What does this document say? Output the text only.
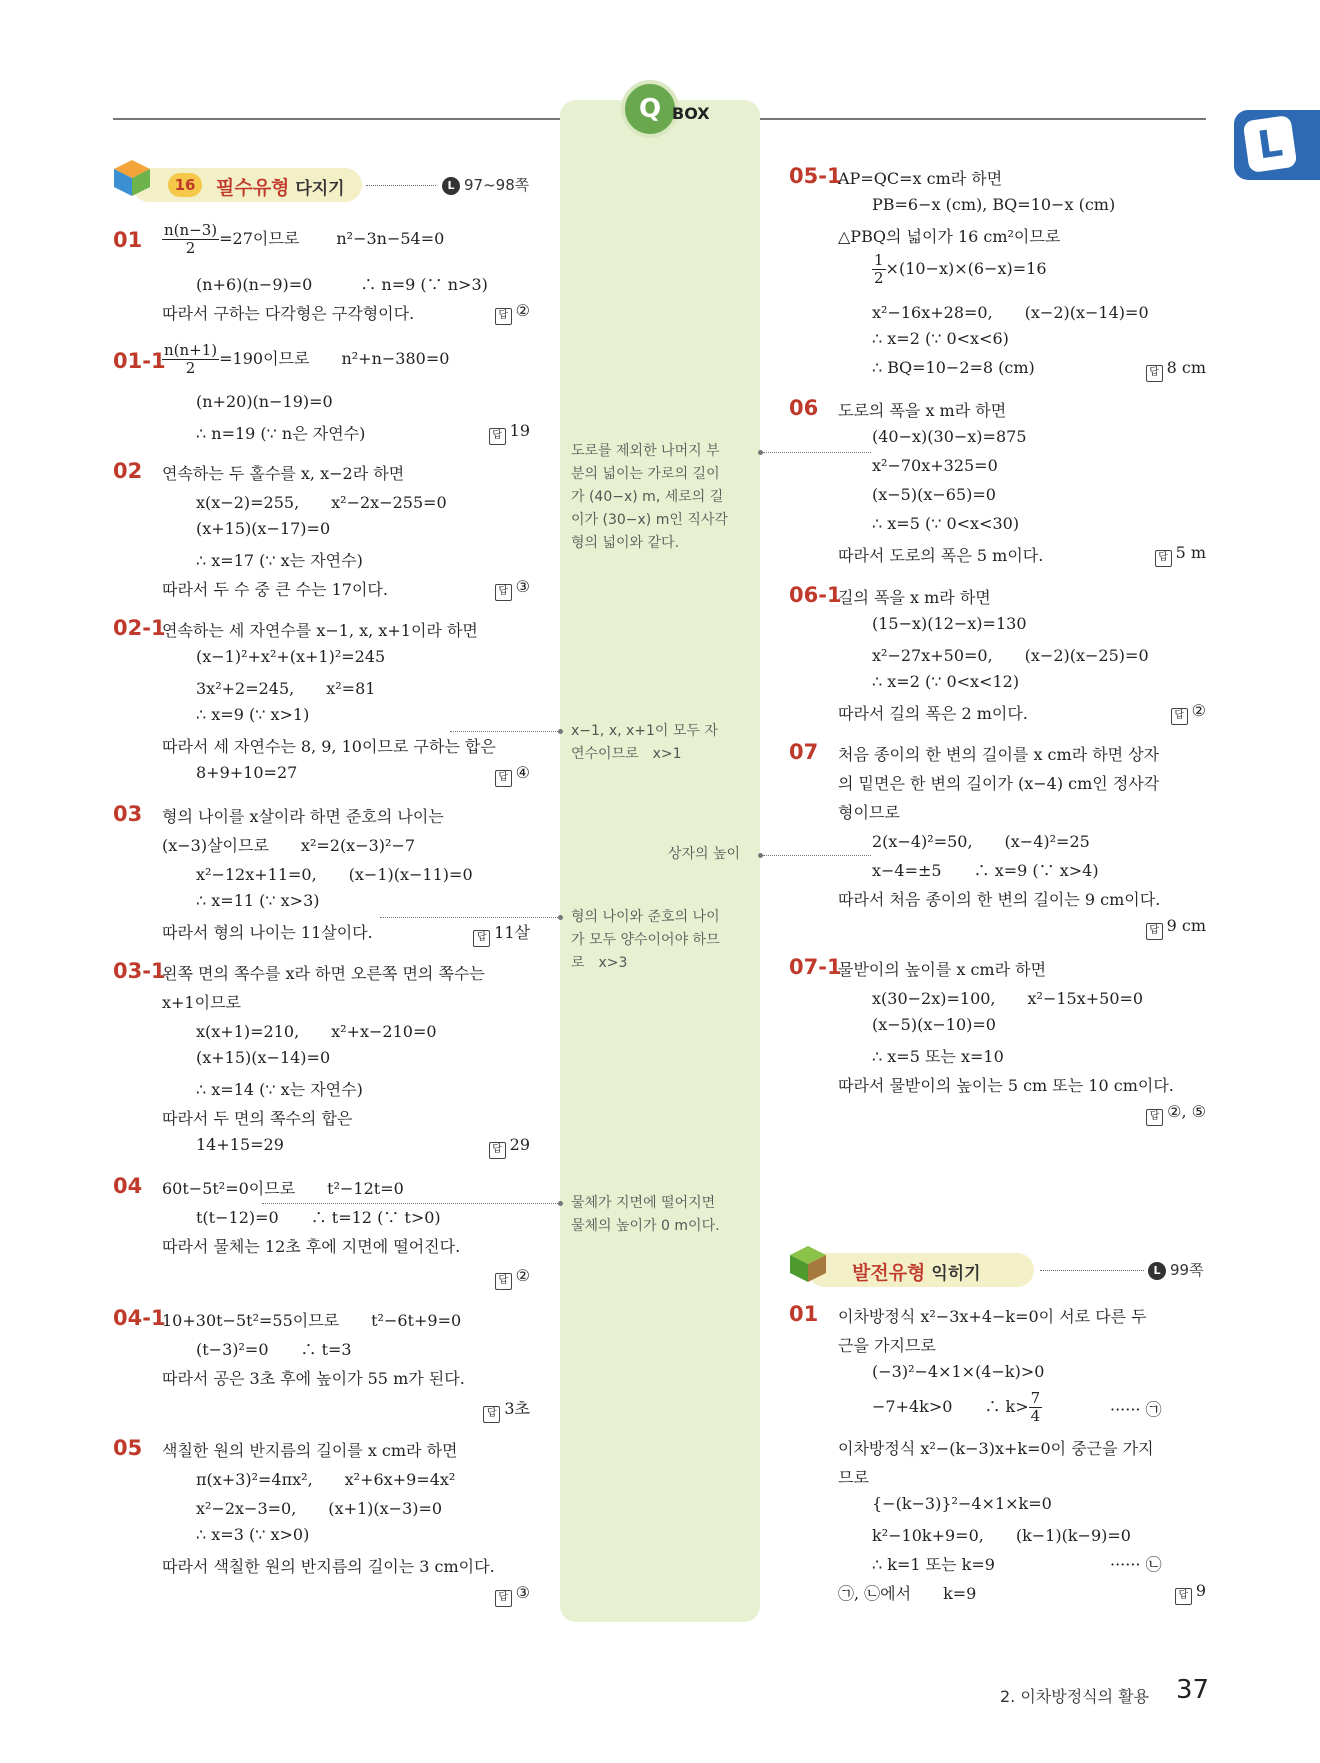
Q BOX
L
16	필수유형 다지기	L 97~98쪽
$01 \frac{n(n-3)}{2} =27$이므로　　 n²−3n−54=0
(n+6)(n−9)=0　　　∴ n=9 (∵ n>3)
따라서 구하는 다각형은 구각형이다.	답 ②
01-1
$\frac{n(n+1)}{2} =190$이므로　　n²+n−380=0
(n+20)(n−19)=0
∴ n=19 (∵ n은 자연수)	답 19
02 연속하는 두 홀수를 x, x−2라 하면
x(x−2)=255,　　x²−2x−255=0
(x+15)(x−17)=0
∴ x=17 (∵ x는 자연수)
따라서 두 수 중 큰 수는 17이다.	답 ③
02-1
연속하는 세 자연수를 x−1, x, x+1이라 하면
(x−1)²+x²+(x+1)²=245
3x²+2=245,　　x²=81
∴ x=9 (∵ x>1)
따라서 세 자연수는 8, 9, 10이므로 구하는 합은
8+9+10=27	답 ④
03 형의 나이를 x살이라 하면 준호의 나이는
(x−3)살이므로　　x²=2(x−3)²−7
x²−12x+11=0,　　(x−1)(x−11)=0
∴ x=11 (∵ x>3)
따라서 형의 나이는 11살이다.	답 11살
03-1
왼쪽 면의 쪽수를 x라 하면 오른쪽 면의 쪽수는
x+1이므로
x(x+1)=210,　　x²+x−210=0
(x+15)(x−14)=0
∴ x=14 (∵ x는 자연수)
따라서 두 면의 쪽수의 합은
14+15=29	답 29
04 60t−5t²=0이므로　　t²−12t=0
t(t−12)=0　　∴ t=12 (∵ t>0)
따라서 물체는 12초 후에 지면에 떨어진다.
답 ②
04-1
10+30t−5t²=55이므로　　t²−6t+9=0
(t−3)²=0　　∴ t=3
따라서 공은 3초 후에 높이가 55 m가 된다.
답 3초
05 색칠한 원의 반지름의 길이를 x cm라 하면
π(x+3)²=4πx²,　　x²+6x+9=4x²
x²−2x−3=0,　　(x+1)(x−3)=0
∴ x=3 (∵ x>0)
따라서 색칠한 원의 반지름의 길이는 3 cm이다.
답 ③
도로를 제외한 나머지 부
분의 넓이는 가로의 길이
가 (40−x) m, 세로의 길
이가 (30−x) m인 직사각
형의 넓이와 같다.
x−1, x, x+1이 모두 자
연수이므로　x>1
상자의 높이
형의 나이와 준호의 나이
가 모두 양수이어야 하므
로　x>3
물체가 지면에 떨어지면
물체의 높이가 0 m이다.
05-1
AP=QC=x cm라 하면
PB=6−x (cm), BQ=10−x (cm)
△PBQ의 넓이가 16 cm²이므로
$\frac{1}{2} \times(10-x)\times(6-x)=16$
x²−16x+28=0,　　(x−2)(x−14)=0
∴ x=2 (∵ 0<x<6)
∴ BQ=10−2=8 (cm)	답 8 cm
06 도로의 폭을 x m라 하면
(40−x)(30−x)=875
x²−70x+325=0
(x−5)(x−65)=0
∴ x=5 (∵ 0<x<30)
따라서 도로의 폭은 5 m이다.	답 5 m
06-1
길의 폭을 x m라 하면
(15−x)(12−x)=130
x²−27x+50=0,　　(x−2)(x−25)=0
∴ x=2 (∵ 0<x<12)
따라서 길의 폭은 2 m이다.	답 ②
07 처음 종이의 한 변의 길이를 x cm라 하면 상자
의 밑면은 한 변의 길이가 (x−4) cm인 정사각
형이므로
2(x−4)²=50,　　(x−4)²=25
x−4=±5　　∴ x=9 (∵ x>4)
따라서 처음 종이의 한 변의 길이는 9 cm이다.
답 9 cm
07-1
물받이의 높이를 x cm라 하면
x(30−2x)=100,　　x²−15x+50=0
(x−5)(x−10)=0
∴ x=5 또는 x=10
따라서 물받이의 높이는 5 cm 또는 10 cm이다.
답 ②, ⑤
발전유형 익히기	L 99쪽
01 이차방정식 x²−3x+4−k=0이 서로 다른 두
근을 가지므로
(−3)²−4×1×(4−k)>0
−7+4k>0　　∴ $k> \frac{7}{4}$	······ ㉠
이차방정식 x²−(k−3)x+k=0이 중근을 가지
므로
{−(k−3)}²−4×1×k=0
k²−10k+9=0,　　(k−1)(k−9)=0
∴ k=1 또는 k=9	······ ㉡
㉠, ㉡에서　　k=9	답 9
2. 이차방정식의 활용 37
